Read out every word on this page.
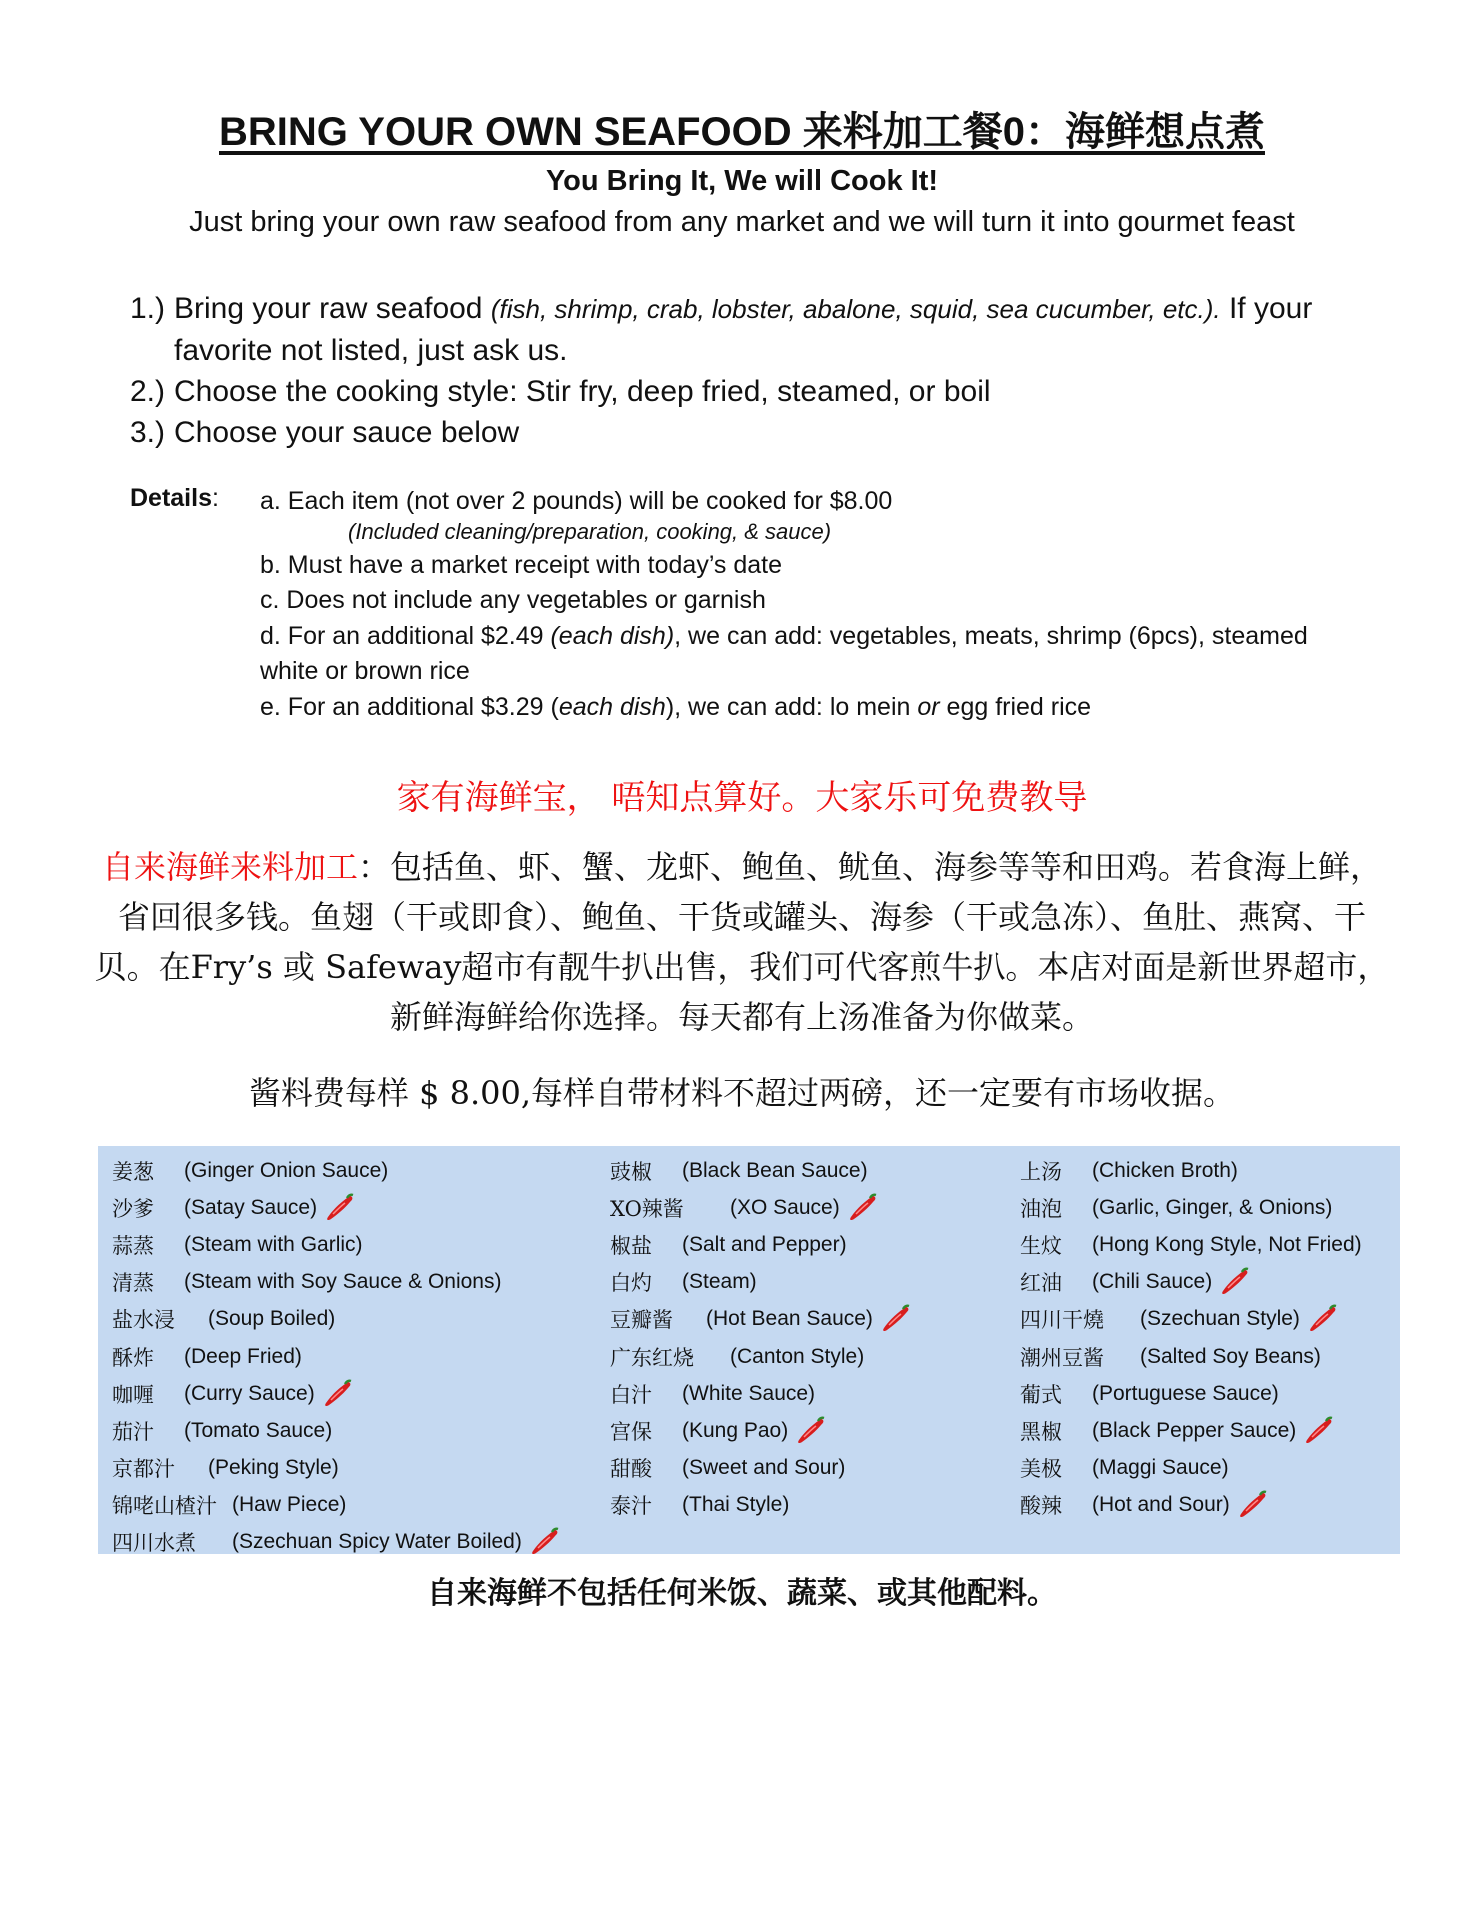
BRING YOUR OWN SEAFOOD 来料加工餐0：海鲜想点煮
You Bring It, We will Cook It!
Just bring your own raw seafood from any market and we will turn it into gourmet feast
1.) Bring your raw seafood (fish, shrimp, crab, lobster, abalone, squid, sea cucumber, etc.). If your favorite not listed, just ask us.
2.) Choose the cooking style: Stir fry, deep fried, steamed, or boil
3.) Choose your sauce below
Details: a. Each item (not over 2 pounds) will be cooked for $8.00
(Included cleaning/preparation, cooking, & sauce)
b. Must have a market receipt with today’s date
c. Does not include any vegetables or garnish
d. For an additional $2.49 (each dish), we can add: vegetables, meats, shrimp (6pcs), steamed white or brown rice
e. For an additional $3.29 (each dish), we can add: lo mein or egg fried rice
家有海鲜宝， 唔知点算好。大家乐可免费教导
自来海鲜来料加工：包括鱼、虾、蟹、龙虾、鲍鱼、鱿鱼、海参等等和田鸡。若食海上鲜，省回很多钱。鱼翅（干或即食）、鲍鱼、干货或罐头、海参（干或急冻）、鱼肚、燕窝、干贝。在Fry’s 或 Safeway超市有靓牛扒出售，我们可代客煎牛扒。本店对面是新世界超市，新鲜海鲜给你选择。每天都有上汤准备为你做菜。
酱料费每样 $ 8.00,每样自带材料不超过两磅，还一定要有市场收据。
姜葱	(Ginger Onion Sauce)
沙爹	(Satay Sauce)
蒜蒸	(Steam with Garlic)
清蒸	(Steam with Soy Sauce & Onions)
盐水浸	(Soup Boiled)
酥炸	(Deep Fried)
咖喱	(Curry Sauce)
茄汁	(Tomato Sauce)
京都汁	(Peking Style)
锦咾山楂汁 (Haw Piece)
四川水煮	(Szechuan Spicy Water Boiled)
豉椒	(Black Bean Sauce)
XO辣酱	(XO Sauce)
椒盐	(Salt and Pepper)
白灼	(Steam)
豆瓣酱	(Hot Bean Sauce)
广东红烧	(Canton Style)
白汁	(White Sauce)
宫保	(Kung Pao)
甜酸	(Sweet and Sour)
泰汁	(Thai Style)
上汤	(Chicken Broth)
油泡	(Garlic, Ginger, & Onions)
生炆	(Hong Kong Style, Not Fried)
红油	(Chili Sauce)
四川干燒	(Szechuan Style)
潮州豆酱	(Salted Soy Beans)
葡式	(Portuguese Sauce)
黑椒	(Black Pepper Sauce)
美极	(Maggi Sauce)
酸辣	(Hot and Sour)
自来海鲜不包括任何米饭、蔬菜、或其他配料。
